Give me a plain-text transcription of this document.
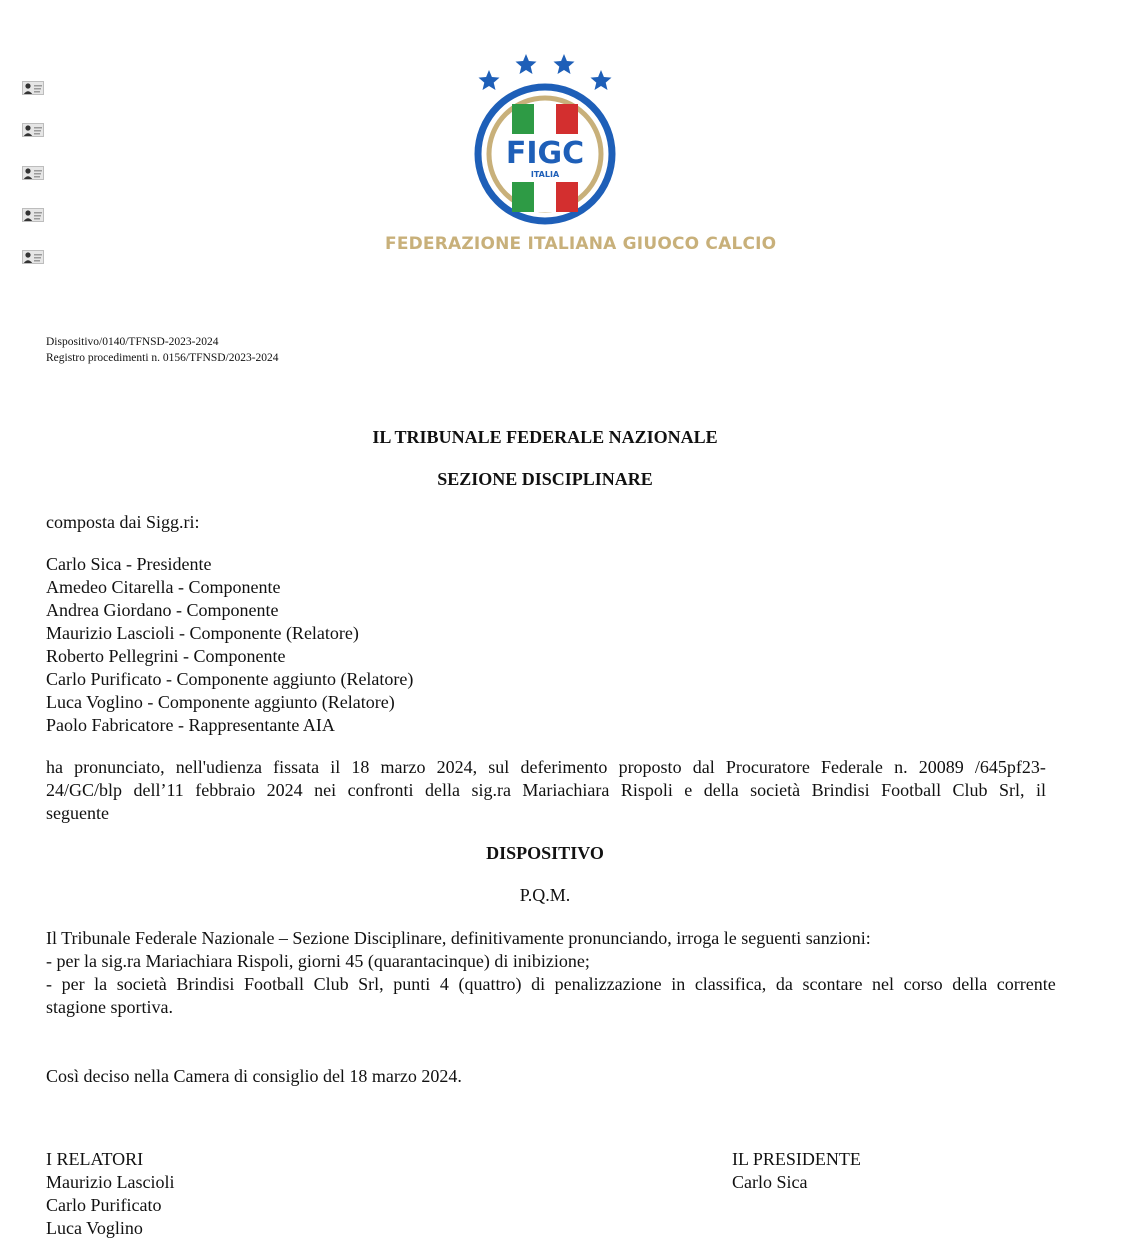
FIGC
ITALIA
FEDERAZIONE ITALIANA GIUOCO CALCIO
Dispositivo/0140/TFNSD-2023-2024
Registro procedimenti n. 0156/TFNSD/2023-2024
IL TRIBUNALE FEDERALE NAZIONALE
SEZIONE DISCIPLINARE
composta dai Sigg.ri:
Carlo Sica - Presidente
Amedeo Citarella - Componente
Andrea Giordano - Componente
Maurizio Lascioli - Componente (Relatore)
Roberto Pellegrini - Componente
Carlo Purificato - Componente aggiunto (Relatore)
Luca Voglino - Componente aggiunto (Relatore)
Paolo Fabricatore - Rappresentante AIA
ha pronunciato, nell'udienza fissata il 18 marzo 2024, sul deferimento proposto dal Procuratore Federale n. 20089 /645pf23-
24/GC/blp dell’11 febbraio 2024 nei confronti della sig.ra Mariachiara Rispoli e della società Brindisi Football Club Srl, il
seguente
DISPOSITIVO
P.Q.M.
Il Tribunale Federale Nazionale – Sezione Disciplinare, definitivamente pronunciando, irroga le seguenti sanzioni:
- per la sig.ra Mariachiara Rispoli, giorni 45 (quarantacinque) di inibizione;
- per la società Brindisi Football Club Srl, punti 4 (quattro) di penalizzazione in classifica, da scontare nel corso della corrente
stagione sportiva.
Così deciso nella Camera di consiglio del 18 marzo 2024.
I RELATORI
Maurizio Lascioli
Carlo Purificato
Luca Voglino
IL PRESIDENTE
Carlo Sica
